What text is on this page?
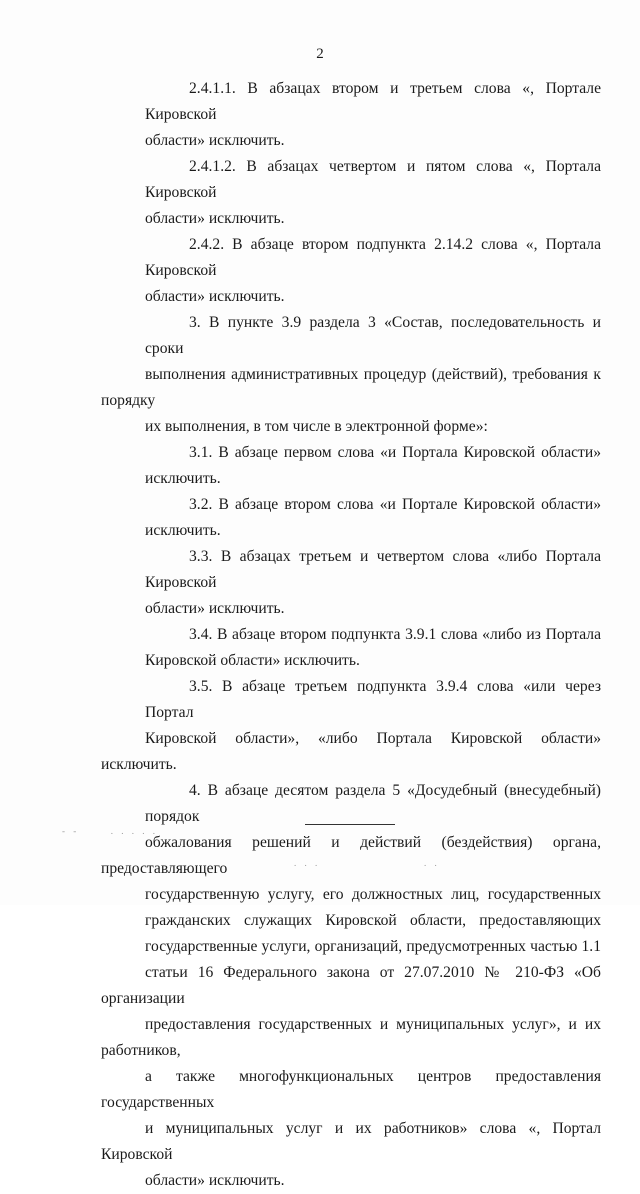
2
2.4.1.1. В абзацах втором и третьем слова «, Портале Кировской
области» исключить.
2.4.1.2. В абзацах четвертом и пятом слова «, Портала Кировской
области» исключить.
2.4.2. В абзаце втором подпункта 2.14.2 слова «, Портала Кировской
области» исключить.
3. В пункте 3.9 раздела 3 «Состав, последовательность и сроки
выполнения административных процедур (действий), требования к порядку
их выполнения, в том числе в электронной форме»:
3.1. В абзаце первом слова «и Портала Кировской области» исключить.
3.2. В абзаце втором слова «и Портале Кировской области» исключить.
3.3. В абзацах третьем и четвертом слова «либо Портала Кировской
области» исключить.
3.4. В абзаце втором подпункта 3.9.1 слова «либо из Портала
Кировской области» исключить.
3.5. В абзаце третьем подпункта 3.9.4 слова «или через Портал
Кировской области», «либо Портала Кировской области» исключить.
4. В абзаце десятом раздела 5 «Досудебный (внесудебный) порядок
обжалования решений и действий (бездействия) органа, предоставляющего
государственную услугу, его должностных лиц, государственных
гражданских служащих Кировской области, предоставляющих
государственные услуги, организаций, предусмотренных частью 1.1
статьи 16 Федерального закона от 27.07.2010 № 210-ФЗ «Об организации
предоставления государственных и муниципальных услуг», и их работников,
а также многофункциональных центров предоставления государственных
и муниципальных услуг и их работников» слова «, Портал Кировской
области» исключить.
- -      . . . . .
. . .	. .
